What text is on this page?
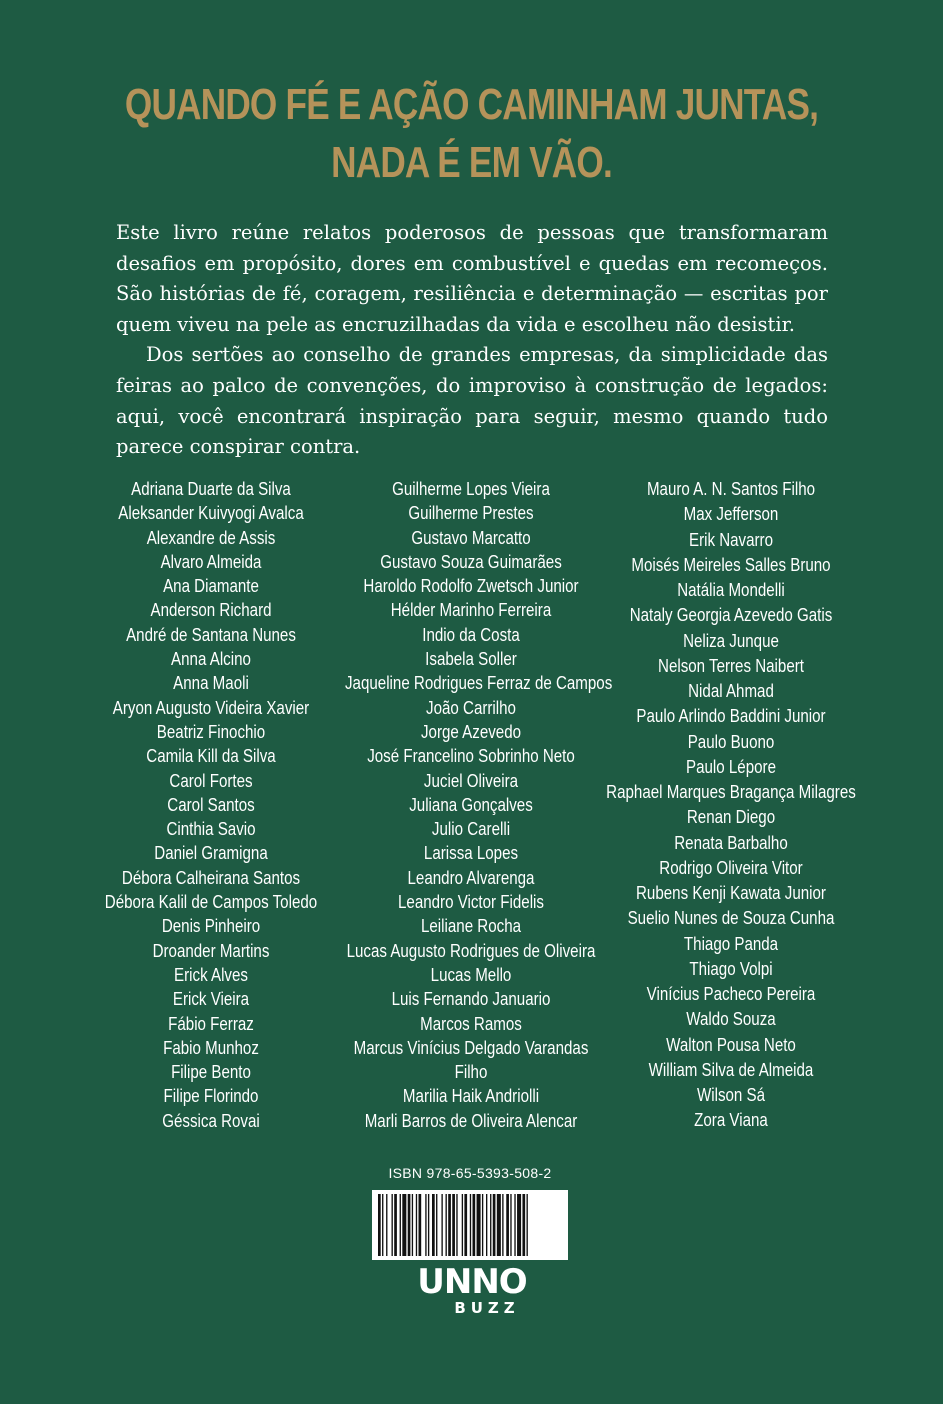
QUANDO FÉ E AÇÃO CAMINHAM JUNTAS,
NADA É EM VÃO.

Este livro reúne relatos poderosos de pessoas que transformaram desafios em propósito, dores em combustível e quedas em recomeços. São histórias de fé, coragem, resiliência e determinação — escritas por quem viveu na pele as encruzilhadas da vida e escolheu não desistir.

Dos sertões ao conselho de grandes empresas, da simplicidade das feiras ao palco de convenções, do improviso à construção de legados: aqui, você encontrará inspiração para seguir, mesmo quando tudo parece conspirar contra.

Adriana Duarte da Silva
Aleksander Kuivyogi Avalca
Alexandre de Assis
Alvaro Almeida
Ana Diamante
Anderson Richard
André de Santana Nunes
Anna Alcino
Anna Maoli
Aryon Augusto Videira Xavier
Beatriz Finochio
Camila Kill da Silva
Carol Fortes
Carol Santos
Cinthia Savio
Daniel Gramigna
Débora Calheirana Santos
Débora Kalil de Campos Toledo
Denis Pinheiro
Droander Martins
Erick Alves
Erick Vieira
Fábio Ferraz
Fabio Munhoz
Filipe Bento
Filipe Florindo
Géssica Rovai
Guilherme Lopes Vieira
Guilherme Prestes
Gustavo Marcatto
Gustavo Souza Guimarães
Haroldo Rodolfo Zwetsch Junior
Hélder Marinho Ferreira
Indio da Costa
Isabela Soller
Jaqueline Rodrigues Ferraz de Campos
João Carrilho
Jorge Azevedo
José Francelino Sobrinho Neto
Juciel Oliveira
Juliana Gonçalves
Julio Carelli
Larissa Lopes
Leandro Alvarenga
Leandro Victor Fidelis
Leiliane Rocha
Lucas Augusto Rodrigues de Oliveira
Lucas Mello
Luis Fernando Januario
Marcos Ramos
Marcus Vinícius Delgado Varandas
Filho
Marilia Haik Andriolli
Marli Barros de Oliveira Alencar
Mauro A. N. Santos Filho
Max Jefferson
Erik Navarro
Moisés Meireles Salles Bruno
Natália Mondelli
Nataly Georgia Azevedo Gatis
Neliza Junque
Nelson Terres Naibert
Nidal Ahmad
Paulo Arlindo Baddini Junior
Paulo Buono
Paulo Lépore
Raphael Marques Bragança Milagres
Renan Diego
Renata Barbalho
Rodrigo Oliveira Vitor
Rubens Kenji Kawata Junior
Suelio Nunes de Souza Cunha
Thiago Panda
Thiago Volpi
Vinícius Pacheco Pereira
Waldo Souza
Walton Pousa Neto
William Silva de Almeida
Wilson Sá
Zora Viana
ISBN 978-65-5393-508-2
UNNO
BUZZ
